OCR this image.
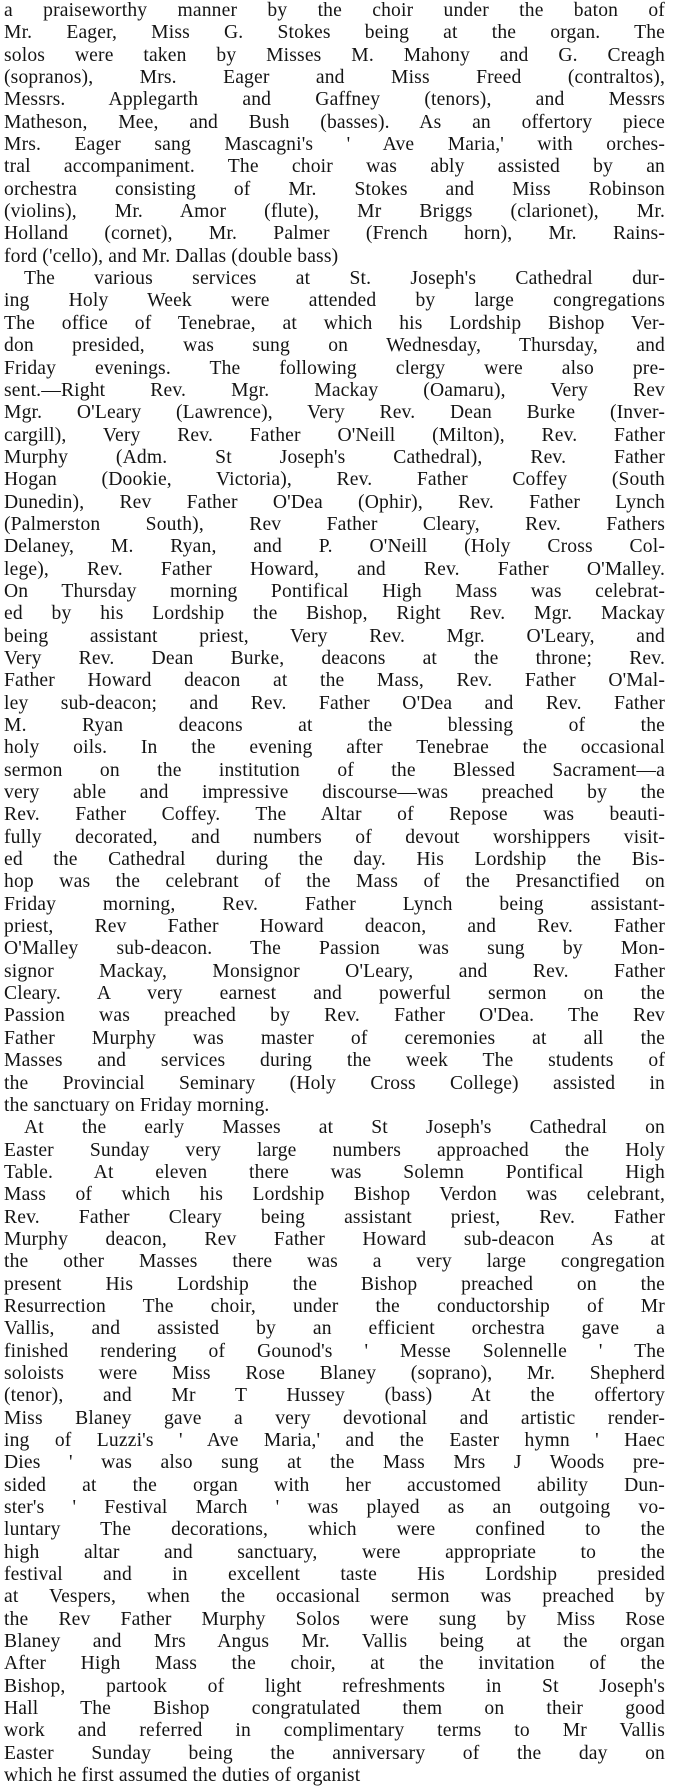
a praiseworthy manner by the choir under the baton of
Mr. Eager, Miss G. Stokes being at the organ. The
solos were taken by Misses M. Mahony and G. Creagh
(sopranos), Mrs. Eager and Miss Freed (contraltos),
Messrs. Applegarth and Gaffney (tenors), and Messrs
Matheson, Mee, and Bush (basses). As an offertory piece
Mrs. Eager sang Mascagni's ' Ave Maria,' with orches-
tral accompaniment. The choir was ably assisted by an
orchestra consisting of Mr. Stokes and Miss Robinson
(violins), Mr. Amor (flute), Mr Briggs (clarionet), Mr.
Holland (cornet), Mr. Palmer (French horn), Mr. Rains-
ford ('cello), and Mr. Dallas (double bass)
The various services at St. Joseph's Cathedral dur-
ing Holy Week were attended by large congregations
The office of Tenebrae, at which his Lordship Bishop Ver-
don presided, was sung on Wednesday, Thursday, and
Friday evenings. The following clergy were also pre-
sent.—Right Rev. Mgr. Mackay (Oamaru), Very Rev
Mgr. O'Leary (Lawrence), Very Rev. Dean Burke (Inver-
cargill), Very Rev. Father O'Neill (Milton), Rev. Father
Murphy (Adm. St Joseph's Cathedral), Rev. Father
Hogan (Dookie, Victoria), Rev. Father Coffey (South
Dunedin), Rev Father O'Dea (Ophir), Rev. Father Lynch
(Palmerston South), Rev Father Cleary, Rev. Fathers
Delaney, M. Ryan, and P. O'Neill (Holy Cross Col-
lege), Rev. Father Howard, and Rev. Father O'Malley.
On Thursday morning Pontifical High Mass was celebrat-
ed by his Lordship the Bishop, Right Rev. Mgr. Mackay
being assistant priest, Very Rev. Mgr. O'Leary, and
Very Rev. Dean Burke, deacons at the throne; Rev.
Father Howard deacon at the Mass, Rev. Father O'Mal-
ley sub-deacon; and Rev. Father O'Dea and Rev. Father
M. Ryan deacons at the blessing of the
holy oils. In the evening after Tenebrae the occasional
sermon on the institution of the Blessed Sacrament—a
very able and impressive discourse—was preached by the
Rev. Father Coffey. The Altar of Repose was beauti-
fully decorated, and numbers of devout worshippers visit-
ed the Cathedral during the day. His Lordship the Bis-
hop was the celebrant of the Mass of the Presanctified on
Friday morning, Rev. Father Lynch being assistant-
priest, Rev Father Howard deacon, and Rev. Father
O'Malley sub-deacon. The Passion was sung by Mon-
signor Mackay, Monsignor O'Leary, and Rev. Father
Cleary. A very earnest and powerful sermon on the
Passion was preached by Rev. Father O'Dea. The Rev
Father Murphy was master of ceremonies at all the
Masses and services during the week The students of
the Provincial Seminary (Holy Cross College) assisted in
the sanctuary on Friday morning.
At the early Masses at St Joseph's Cathedral on
Easter Sunday very large numbers approached the Holy
Table. At eleven there was Solemn Pontifical High
Mass of which his Lordship Bishop Verdon was celebrant,
Rev. Father Cleary being assistant priest, Rev. Father
Murphy deacon, Rev Father Howard sub-deacon As at
the other Masses there was a very large congregation
present His Lordship the Bishop preached on the
Resurrection The choir, under the conductorship of Mr
Vallis, and assisted by an efficient orchestra gave a
finished rendering of Gounod's ' Messe Solennelle ' The
soloists were Miss Rose Blaney (soprano), Mr. Shepherd
(tenor), and Mr T Hussey (bass) At the offertory
Miss Blaney gave a very devotional and artistic render-
ing of Luzzi's ' Ave Maria,' and the Easter hymn ' Haec
Dies ' was also sung at the Mass Mrs J Woods pre-
sided at the organ with her accustomed ability Dun-
ster's ' Festival March ' was played as an outgoing vo-
luntary The decorations, which were confined to the
high altar and sanctuary, were appropriate to the
festival and in excellent taste His Lordship presided
at Vespers, when the occasional sermon was preached by
the Rev Father Murphy Solos were sung by Miss Rose
Blaney and Mrs Angus Mr. Vallis being at the organ
After High Mass the choir, at the invitation of the
Bishop, partook of light refreshments in St Joseph's
Hall The Bishop congratulated them on their good
work and referred in complimentary terms to Mr Vallis
Easter Sunday being the anniversary of the day on
which he first assumed the duties of organist
